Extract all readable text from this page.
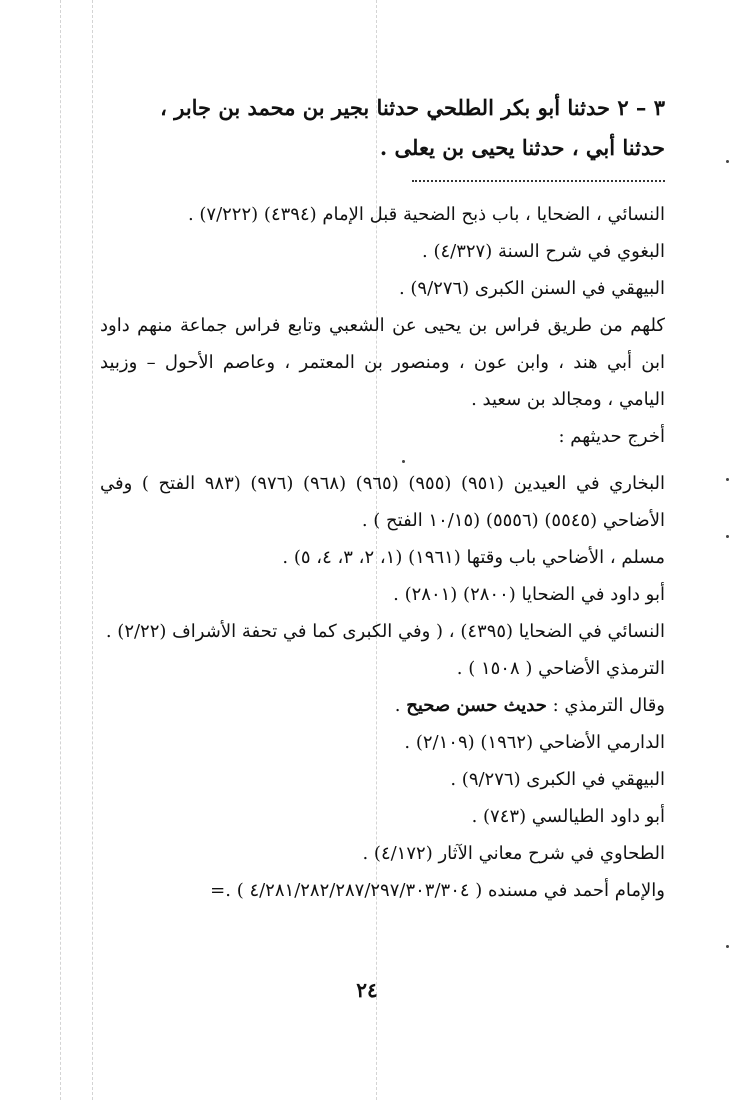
٣ – ٢ حدثنا أبو بكر الطلحي حدثنا بجير بن محمد بن جابر ،

حدثنا أبي ، حدثنا يحيى بن يعلى .

النسائي ، الضحايا ، باب ذبح الضحية قبل الإمام (٤٣٩٤) (٧/٢٢٢) .

البغوي في شرح السنة (٤/٣٢٧) .

البيهقي في السنن الكبرى (٩/٢٧٦) .

كلهم من طريق فراس بن يحيى عن الشعبي وتابع فراس جماعة منهم داود ابن أبي هند ، وابن عون ، ومنصور بن المعتمر ، وعاصم الأحول – وزبيد اليامي ، ومجالد بن سعيد .

أخرج حديثهم :

البخاري في العيدين (٩٥١) (٩٥٥) (٩٦٥) (٩٦٨) (٩٧٦) (٩٨٣ الفتح ) وفي الأضاحي (٥٥٤٥) (٥٥٥٦) (١٠/١٥ الفتح ) .

مسلم ، الأضاحي باب وقتها (١٩٦١) (١، ٢، ٣، ٤، ٥) .

أبو داود في الضحايا (٢٨٠٠) (٢٨٠١) .

النسائي في الضحايا (٤٣٩٥) ، ( وفي الكبرى كما في تحفة الأشراف (٢/٢٢) .

الترمذي الأضاحي ( ١٥٠٨ ) .

وقال الترمذي : حديث حسن صحيح .

الدارمي الأضاحي (١٩٦٢) (٢/١٠٩) .

البيهقي في الكبرى (٩/٢٧٦) .

أبو داود الطيالسي (٧٤٣) .

الطحاوي في شرح معاني الآثار (٤/١٧٢) .

والإمام أحمد في مسنده ( ٤/٢٨١/٢٨٢/٢٨٧/٢٩٧/٣٠٣/٣٠٤ ) .=

٢٤
